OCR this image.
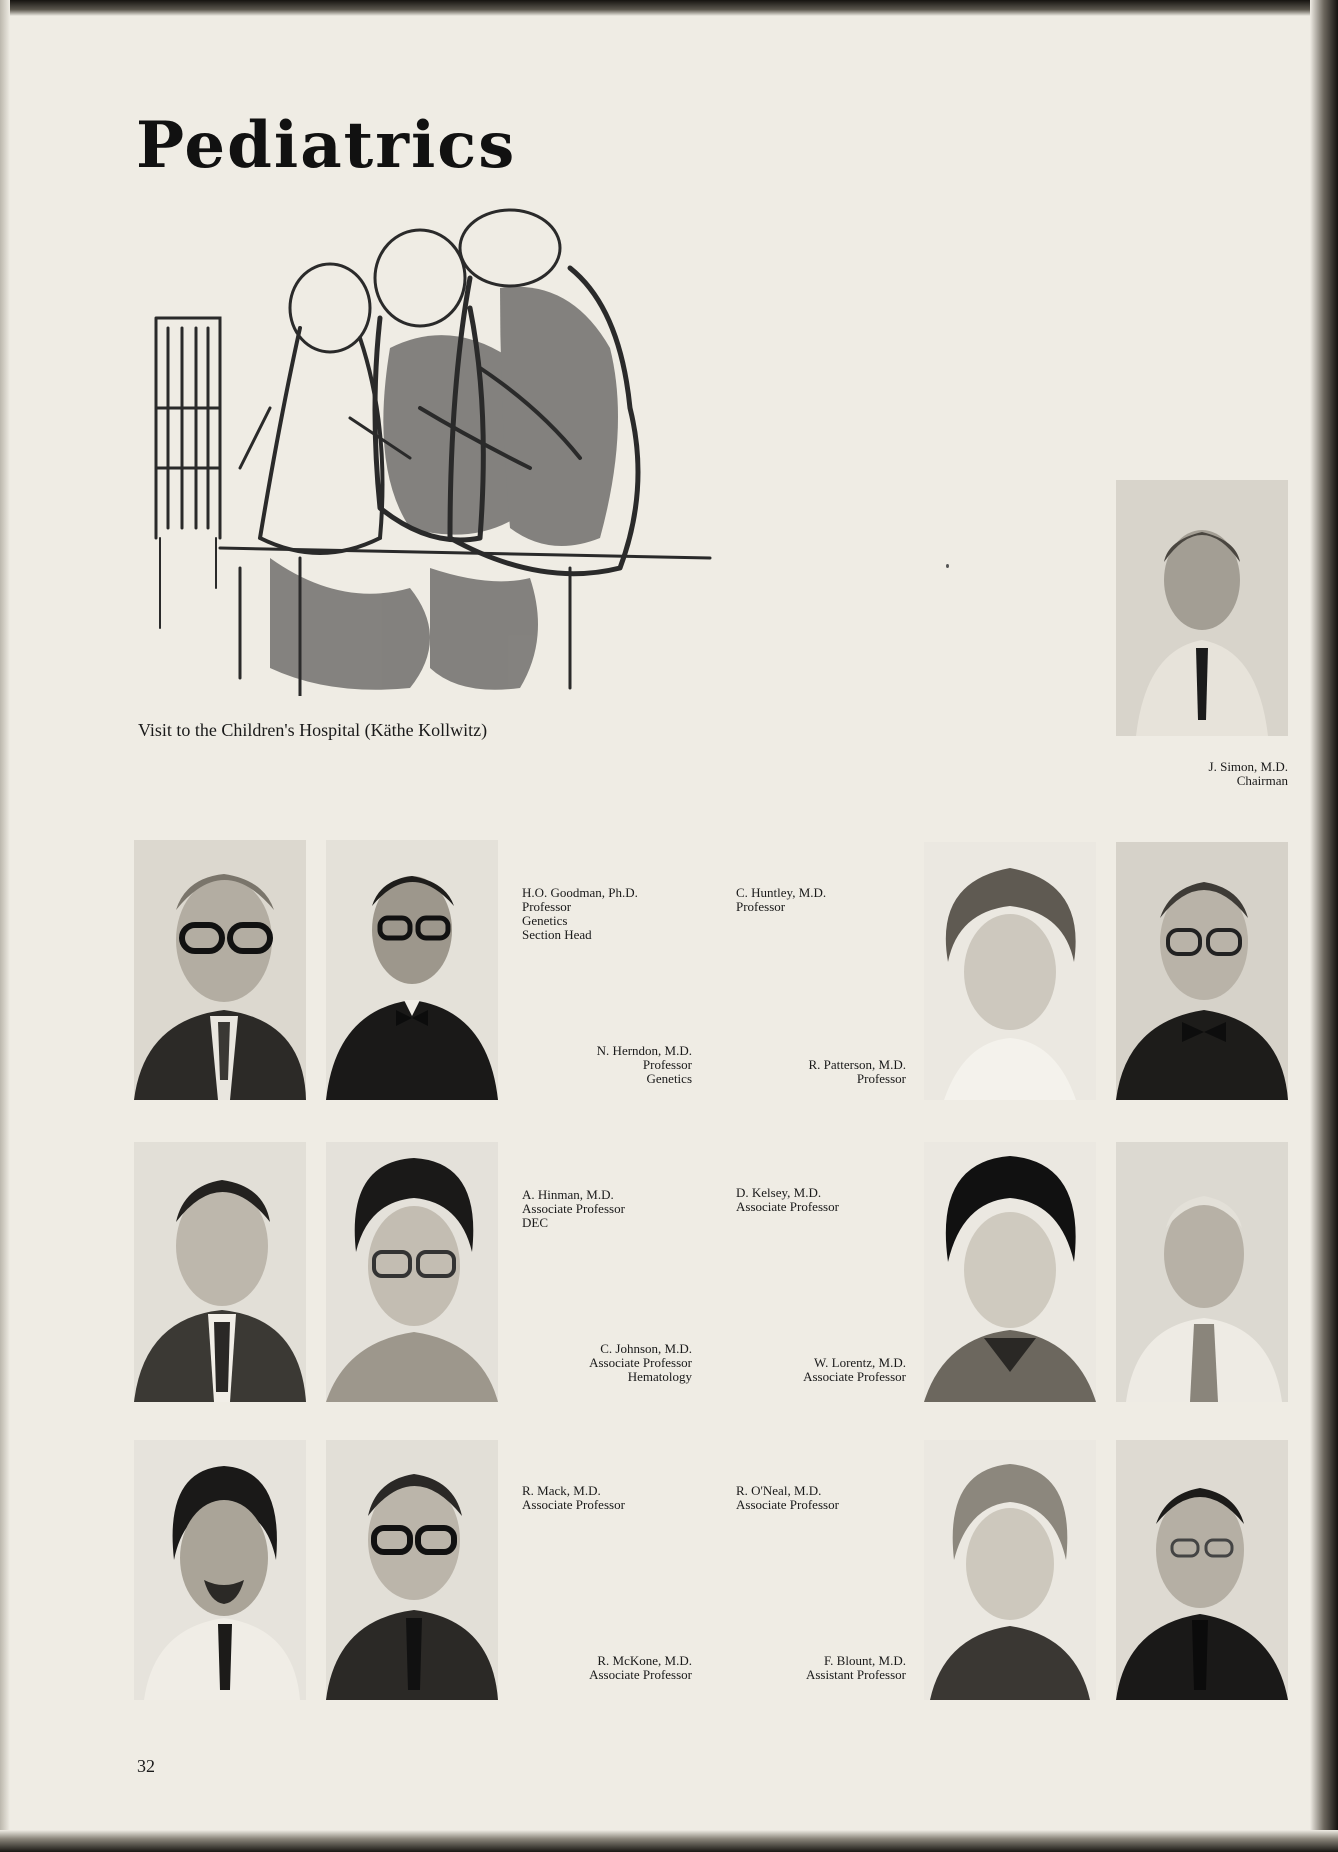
Pediatrics
Visit to the Children's Hospital (Käthe Kollwitz)
J. Simon, M.D.
Chairman
H.O. Goodman, Ph.D.
Professor
Genetics
Section Head
N. Herndon, M.D.
Professor
Genetics
C. Huntley, M.D.
Professor
R. Patterson, M.D.
Professor
A. Hinman, M.D.
Associate Professor
DEC
C. Johnson, M.D.
Associate Professor
Hematology
D. Kelsey, M.D.
Associate Professor
W. Lorentz, M.D.
Associate Professor
R. Mack, M.D.
Associate Professor
R. McKone, M.D.
Associate Professor
R. O'Neal, M.D.
Associate Professor
F. Blount, M.D.
Assistant Professor
32
